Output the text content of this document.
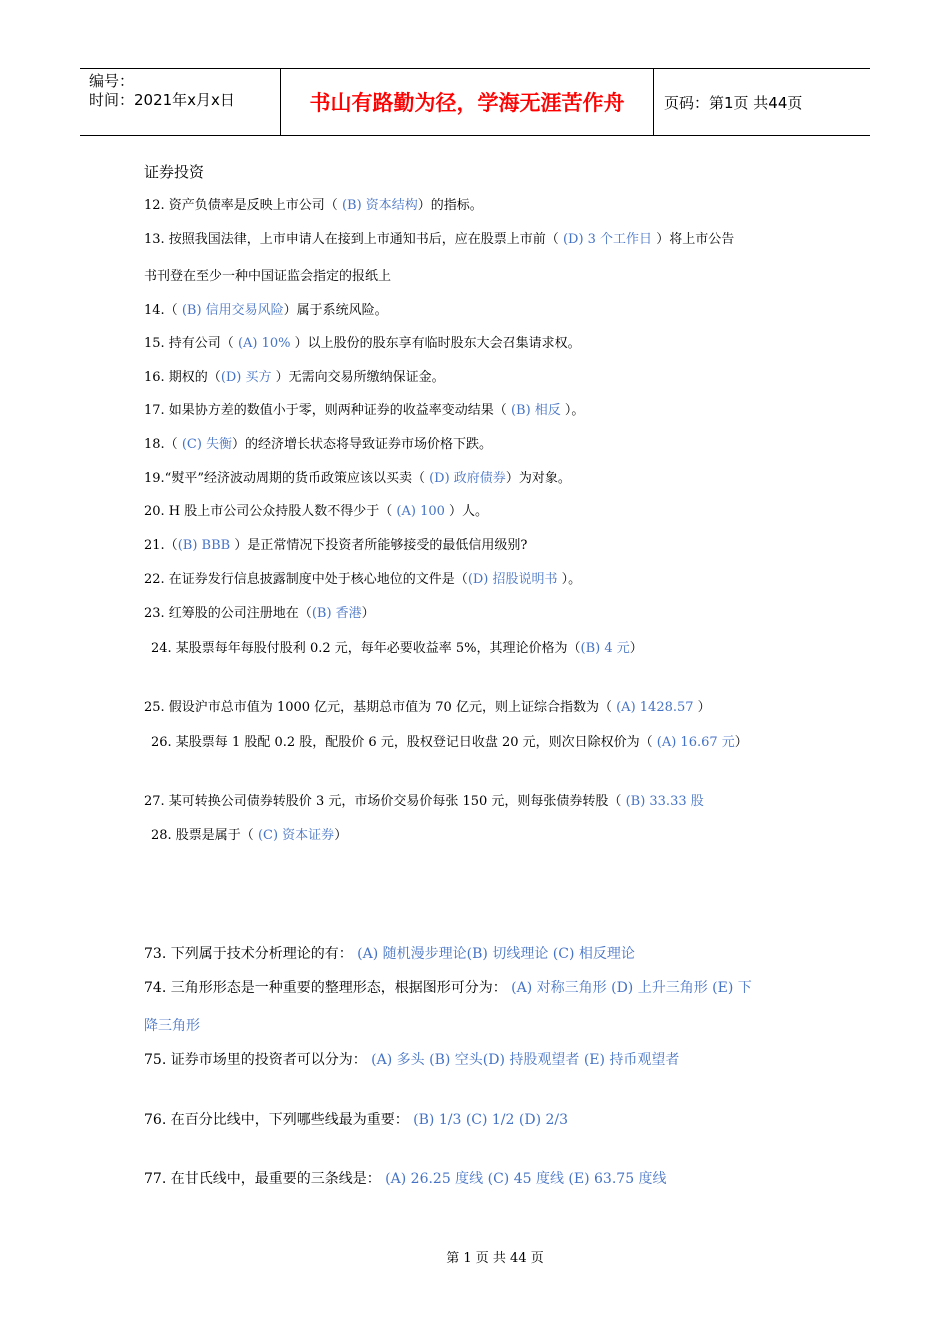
编号：
时间：2021年x月x日	书山有路勤为径，学海无涯苦作舟	页码：第1页 共44页
证券投资
12. 资产负债率是反映上市公司（ (B) 资本结构）的指标。
13. 按照我国法律，上市申请人在接到上市通知书后，应在股票上市前（ (D) 3 个工作日 ）将上市公告
书刊登在至少一种中国证监会指定的报纸上
14.（ (B) 信用交易风险）属于系统风险。
15. 持有公司（ (A) 10% ）以上股份的股东享有临时股东大会召集请求权。
16. 期权的（(D) 买方 ）无需向交易所缴纳保证金。
17. 如果协方差的数值小于零，则两种证券的收益率变动结果（ (B) 相反 ）。
18.（ (C) 失衡）的经济增长状态将导致证券市场价格下跌。
19.“熨平”经济波动周期的货币政策应该以买卖（ (D) 政府债券）为对象。
20. H 股上市公司公众持股人数不得少于（ (A) 100 ）人。
21.（(B) BBB ）是正常情况下投资者所能够接受的最低信用级别?
22. 在证券发行信息披露制度中处于核心地位的文件是（(D) 招股说明书 ）。
23. 红筹股的公司注册地在（(B) 香港）
24. 某股票每年每股付股利 0.2 元，每年必要收益率 5%，其理论价格为（(B) 4 元）
25. 假设沪市总市值为 1000 亿元，基期总市值为 70 亿元，则上证综合指数为（ (A) 1428.57 ）
26. 某股票每 1 股配 0.2 股，配股价 6 元，股权登记日收盘 20 元，则次日除权价为（ (A) 16.67 元）
27. 某可转换公司债券转股价 3 元，市场价交易价每张 150 元，则每张债券转股（ (B) 33.33 股
28. 股票是属于（ (C) 资本证券）
73. 下列属于技术分析理论的有： (A) 随机漫步理论(B) 切线理论 (C) 相反理论
74. 三角形形态是一种重要的整理形态，根据图形可分为： (A) 对称三角形 (D) 上升三角形 (E) 下
降三角形
75. 证券市场里的投资者可以分为： (A) 多头 (B) 空头(D) 持股观望者 (E) 持币观望者
76. 在百分比线中，下列哪些线最为重要： (B) 1/3 (C) 1/2 (D) 2/3
77. 在甘氏线中，最重要的三条线是： (A) 26.25 度线 (C) 45 度线 (E) 63.75 度线
第 1 页 共 44 页
